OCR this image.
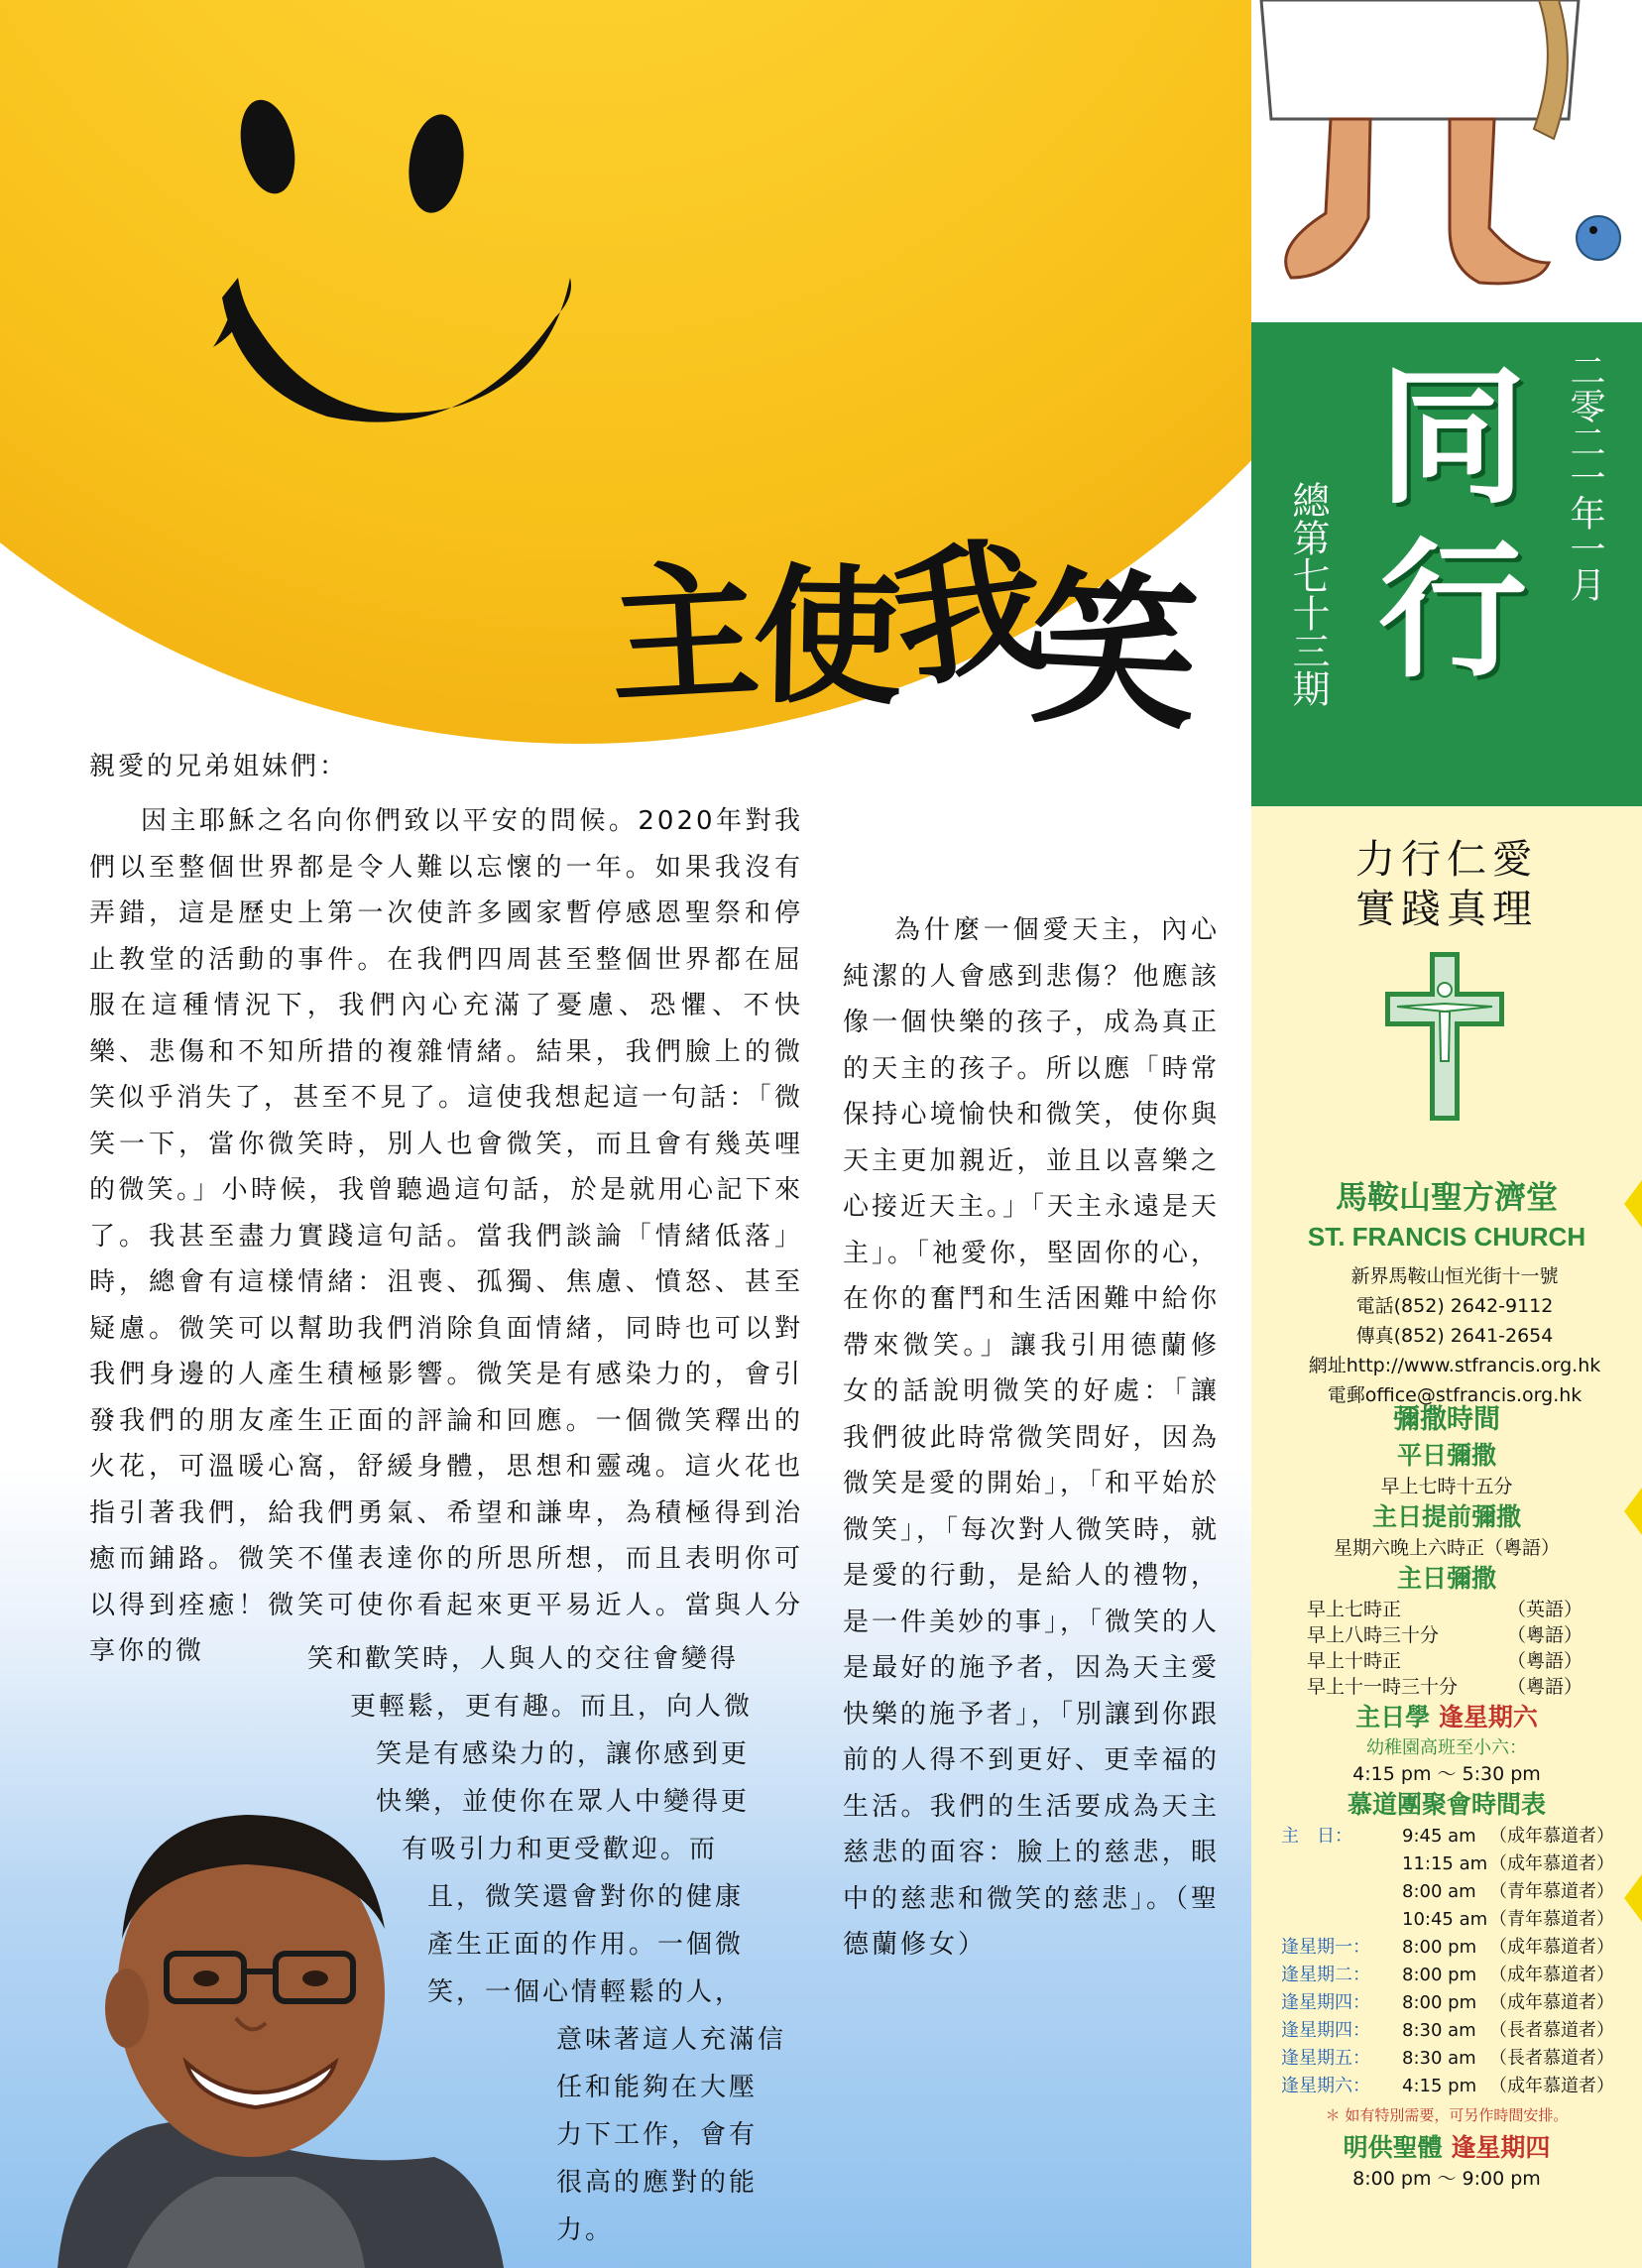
主使我笑
親愛的兄弟姐妹們：

因主耶穌之名向你們致以平安的問候。2020年對我們以至整個世界都是令人難以忘懷的一年。如果我沒有弄錯，這是歷史上第一次使許多國家暫停感恩聖祭和停止教堂的活動的事件。在我們四周甚至整個世界都在屈服在這種情況下，我們內心充滿了憂慮、恐懼、不快樂、悲傷和不知所措的複雜情緒。結果，我們臉上的微笑似乎消失了，甚至不見了。這使我想起這一句話：「微笑一下，當你微笑時，別人也會微笑，而且會有幾英哩的微笑。」小時候，我曾聽過這句話，於是就用心記下來了。我甚至盡力實踐這句話。當我們談論「情緒低落」時，總會有這樣情緒：沮喪、孤獨、焦慮、憤怒、甚至疑慮。微笑可以幫助我們消除負面情緒，同時也可以對我們身邊的人產生積極影響。微笑是有感染力的，會引發我們的朋友產生正面的評論和回應。一個微笑釋出的火花，可溫暖心窩，舒緩身體，思想和靈魂。這火花也指引著我們，給我們勇氣、希望和謙卑，為積極得到治癒而鋪路。微笑不僅表達你的所思所想，而且表明你可以得到痊癒！微笑可使你看起來更平易近人。當與人分享你的微	笑和歡笑時，人與人的交往會變得
更輕鬆，更有趣。而且，向人微
笑是有感染力的，讓你感到更
快樂，並使你在眾人中變得更
有吸引力和更受歡迎。而
且，微笑還會對你的健康
產生正面的作用。一個微
笑，一個心情輕鬆的人，
意味著這人充滿信
任和能夠在大壓
力下工作，會有
很高的應對的能
力。

為什麼一個愛天主，內心純潔的人會感到悲傷？他應該像一個快樂的孩子，成為真正的天主的孩子。所以應「時常保持心境愉快和微笑，使你與天主更加親近，並且以喜樂之心接近天主。」「天主永遠是天主」。「祂愛你，堅固你的心，在你的奮鬥和生活困難中給你帶來微笑。」讓我引用德蘭修女的話說明微笑的好處：「讓我們彼此時常微笑問好，因為微笑是愛的開始」，「和平始於微笑」，「每次對人微笑時，就是愛的行動，是給人的禮物，是一件美妙的事」，「微笑的人是最好的施予者，因為天主愛快樂的施予者」，「別讓到你跟前的人得不到更好、更幸福的生活。我們的生活要成為天主慈悲的面容：臉上的慈悲，眼中的慈悲和微笑的慈悲」。（聖德蘭修女）

同
行
二零二一年一月
總第七十三期
力行仁愛
實踐真理
馬鞍山聖方濟堂
ST. FRANCIS CHURCH
新界馬鞍山恒光街十一號
電話(852) 2642-9112
傳真(852) 2641-2654
網址http://www.stfrancis.org.hk
電郵office@stfrancis.org.hk
彌撒時間
平日彌撒
早上七時十五分
主日提前彌撒
星期六晚上六時正（粵語）
主日彌撒
早上七時正	（英語）
早上八時三十分	（粵語）
早上十時正	（粵語）
早上十一時三十分	（粵語）
主日學 逢星期六
幼稚園高班至小六：
4:15 pm ～ 5:30 pm
慕道團聚會時間表
主　日：	9:45 am （成年慕道者）
11:15 am （成年慕道者）
8:00 am （青年慕道者）
10:45 am （青年慕道者）
逢星期一：	8:00 pm （成年慕道者）
逢星期二：	8:00 pm （成年慕道者）
逢星期四：	8:00 pm （成年慕道者）
逢星期四：	8:30 am （長者慕道者）
逢星期五：	8:30 am （長者慕道者）
逢星期六：	4:15 pm （成年慕道者）
＊ 如有特別需要，可另作時間安排。
明供聖體 逢星期四
8:00 pm ～ 9:00 pm
